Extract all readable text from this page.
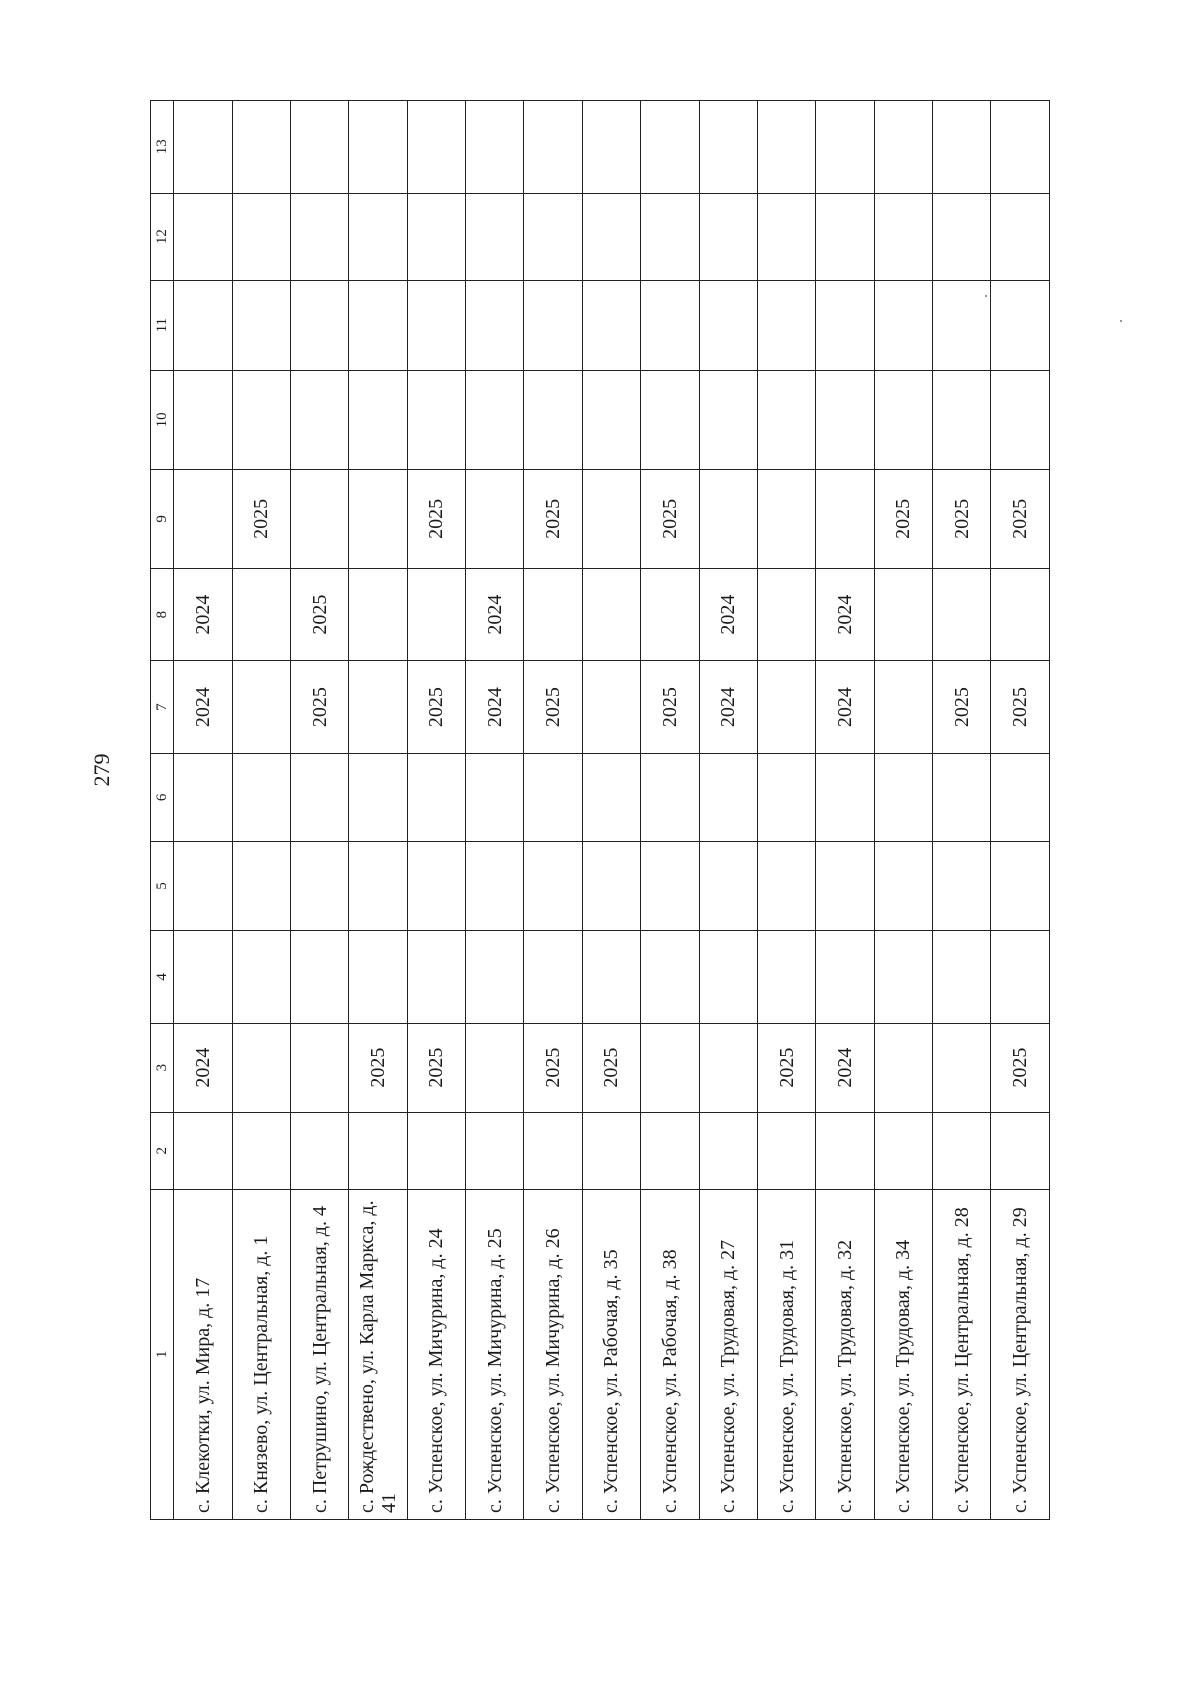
279
1	2	3	4	5	6	7	8	9	10	11	12	13
с. Клекотки, ул. Мира, д. 17		2024				2024	2024					
с. Князево, ул. Центральная, д. 1								2025				
с. Петрушино, ул. Центральная, д. 4						2025	2025					
с. Рождествено, ул. Карла Маркса, д. 41		2025										
с. Успенское, ул. Мичурина, д. 24		2025				2025		2025				
с. Успенское, ул. Мичурина, д. 25						2024	2024					
с. Успенское, ул. Мичурина, д. 26		2025				2025		2025				
с. Успенское, ул. Рабочая, д. 35		2025										
с. Успенское, ул. Рабочая, д. 38						2025		2025				
с. Успенское, ул. Трудовая, д. 27						2024	2024					
с. Успенское, ул. Трудовая, д. 31		2025										
с. Успенское, ул. Трудовая, д. 32		2024				2024	2024					
с. Успенское, ул. Трудовая, д. 34								2025				
с. Успенское, ул. Центральная, д. 28						2025		2025				
с. Успенское, ул. Центральная, д. 29		2025				2025		2025				
